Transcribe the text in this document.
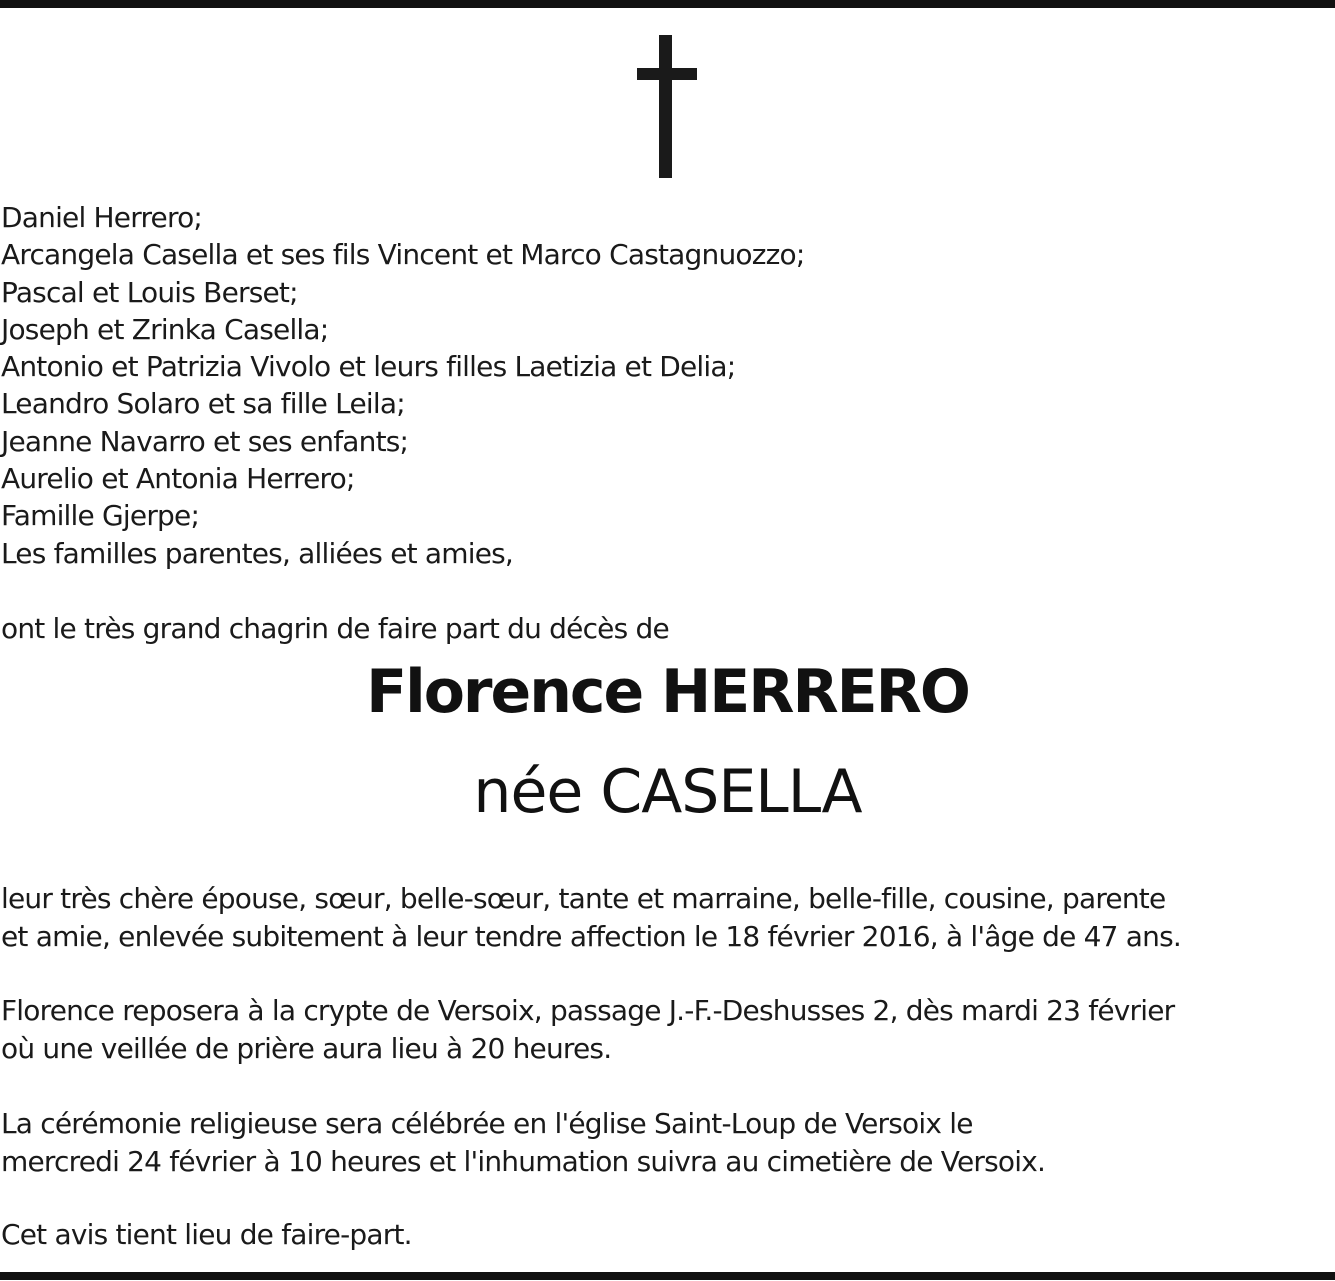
Daniel Herrero;
Arcangela Casella et ses fils Vincent et Marco Castagnuozzo;
Pascal et Louis Berset;
Joseph et Zrinka Casella;
Antonio et Patrizia Vivolo et leurs filles Laetizia et Delia;
Leandro Solaro et sa fille Leila;
Jeanne Navarro et ses enfants;
Aurelio et Antonia Herrero;
Famille Gjerpe;
Les familles parentes, alliées et amies,
ont le très grand chagrin de faire part du décès de
Florence HERRERO
née CASELLA
leur très chère épouse, sœur, belle-sœur, tante et marraine, belle-fille, cousine, parente
et amie, enlevée subitement à leur tendre affection le 18 février 2016, à l'âge de 47 ans.
Florence reposera à la crypte de Versoix, passage J.-F.-Deshusses 2, dès mardi 23 février
où une veillée de prière aura lieu à 20 heures.
La cérémonie religieuse sera célébrée en l'église Saint-Loup de Versoix le
mercredi 24 février à 10 heures et l'inhumation suivra au cimetière de Versoix.
Cet avis tient lieu de faire-part.
